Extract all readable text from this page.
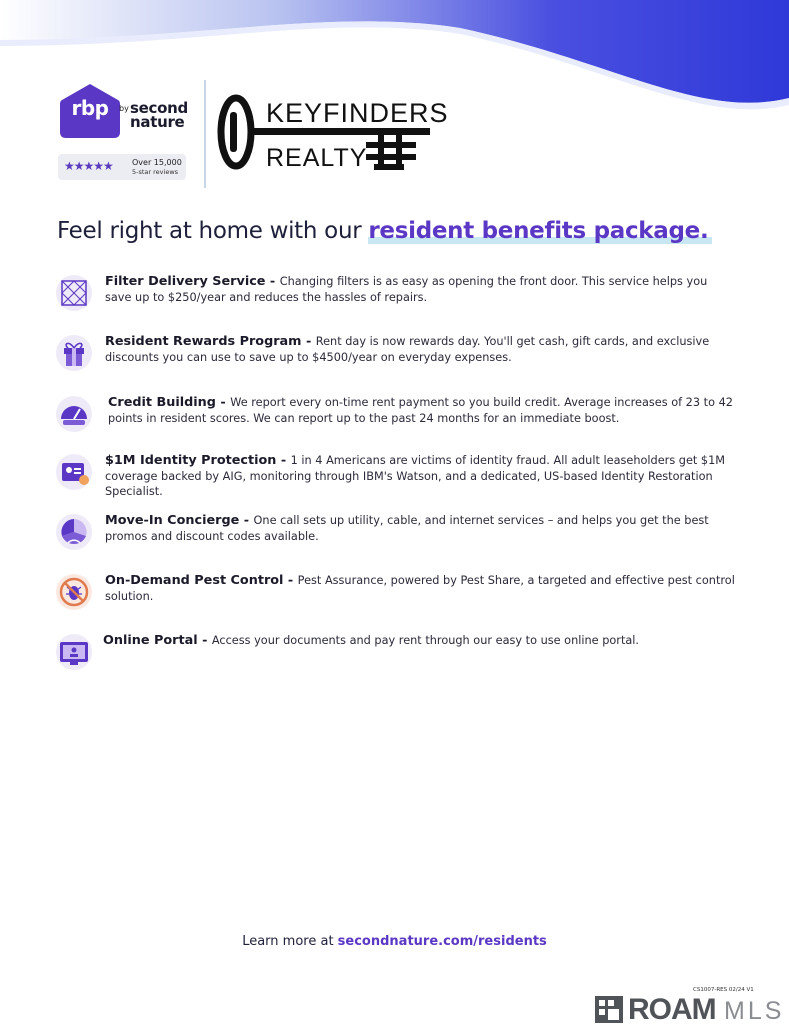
rbp	by second
nature
★★★★★ Over 15,000
5-star reviews
KEYFINDERS
REALTY
Feel right at home with our resident benefits package.
Filter Delivery Service - Changing filters is as easy as opening the front door. This service helps you save up to $250/year and reduces the hassles of repairs.
Resident Rewards Program - Rent day is now rewards day. You'll get cash, gift cards, and exclusive discounts you can use to save up to $4500/year on everyday expenses.
Credit Building - We report every on-time rent payment so you build credit. Average increases of 23 to 42 points in resident scores. We can report up to the past 24 months for an immediate boost.
$1M Identity Protection - 1 in 4 Americans are victims of identity fraud. All adult leaseholders get $1M coverage backed by AIG, monitoring through IBM's Watson, and a dedicated, US-based Identity Restoration Specialist.
Move-In Concierge - One call sets up utility, cable, and internet services – and helps you get the best promos and discount codes available.
On-Demand Pest Control - Pest Assurance, powered by Pest Share, a targeted and effective pest control solution.
Online Portal - Access your documents and pay rent through our easy to use online portal.
Learn more at secondnature.com/residents
CS1007-RES 02/24 V1
ROAM MLS
